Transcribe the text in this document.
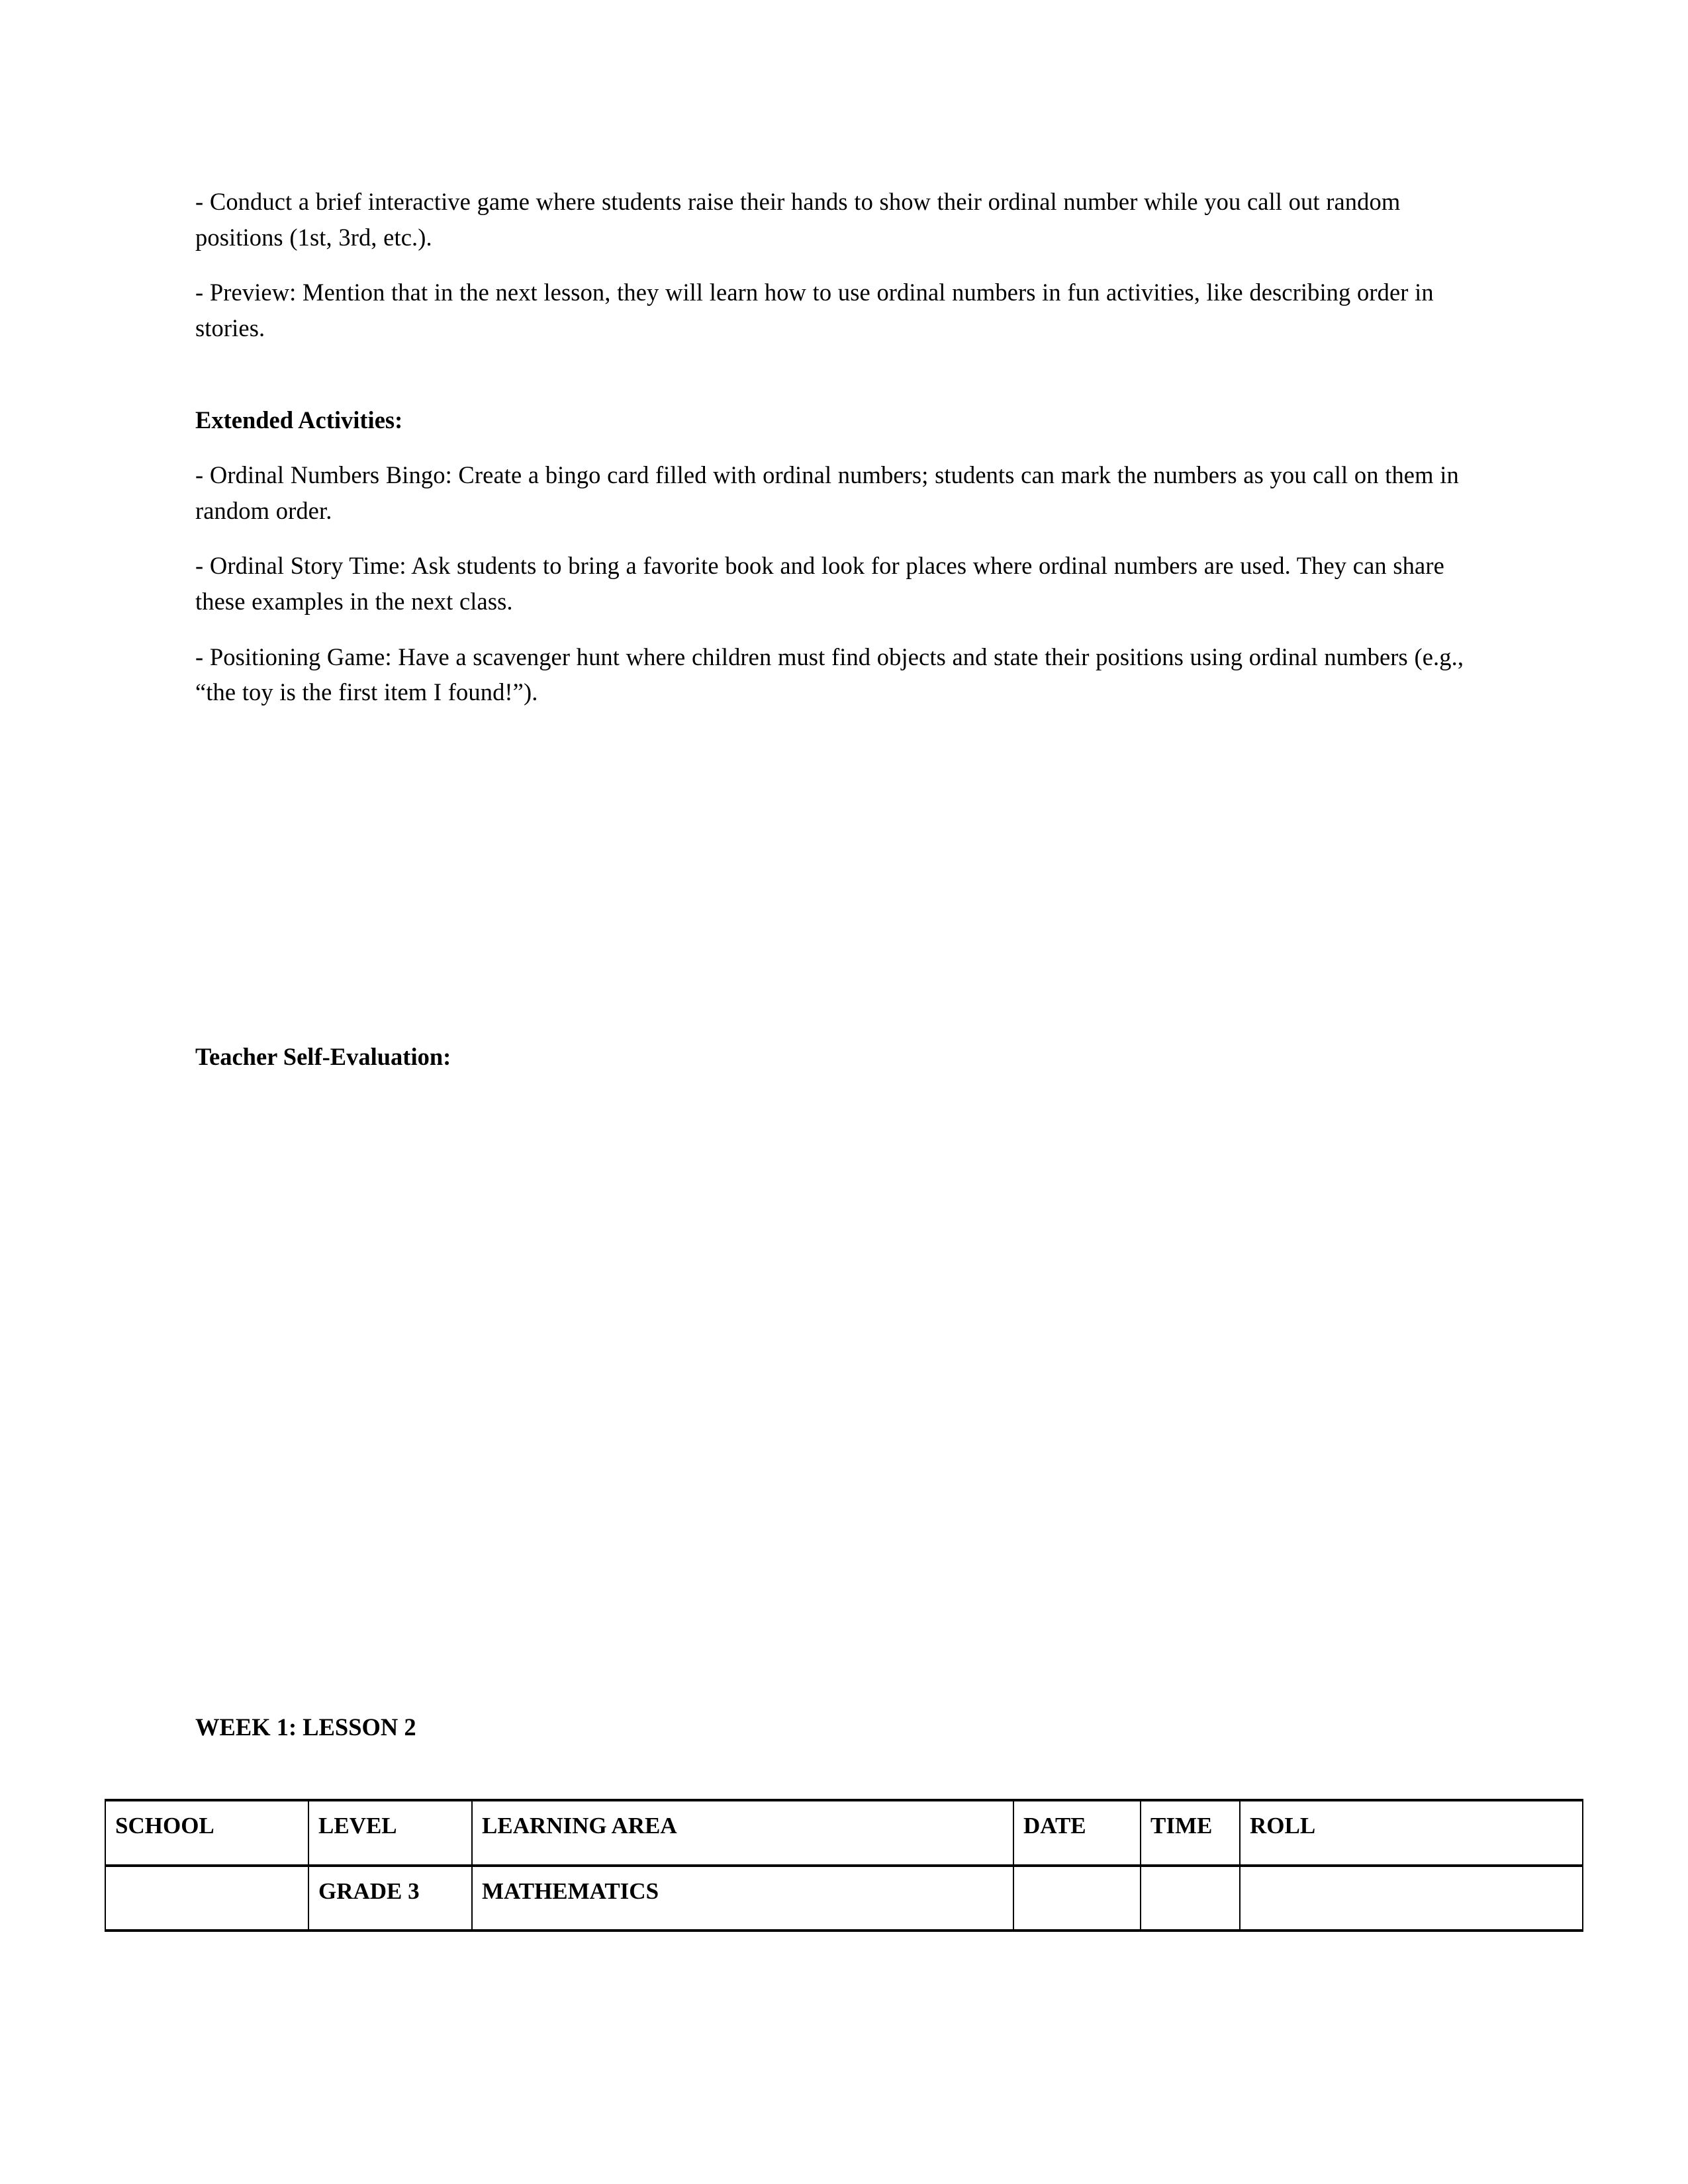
- Conduct a brief interactive game where students raise their hands to show their ordinal number while you call out random positions (1st, 3rd, etc.).

- Preview: Mention that in the next lesson, they will learn how to use ordinal numbers in fun activities, like describing order in stories.

Extended Activities:

- Ordinal Numbers Bingo: Create a bingo card filled with ordinal numbers; students can mark the numbers as you call on them in random order.

- Ordinal Story Time: Ask students to bring a favorite book and look for places where ordinal numbers are used. They can share these examples in the next class.

- Positioning Game: Have a scavenger hunt where children must find objects and state their positions using ordinal numbers (e.g., “the toy is the first item I found!”).

Teacher Self-Evaluation:
WEEK 1: LESSON 2
SCHOOL	LEVEL	LEARNING AREA	DATE	TIME	ROLL
	GRADE 3	MATHEMATICS			
